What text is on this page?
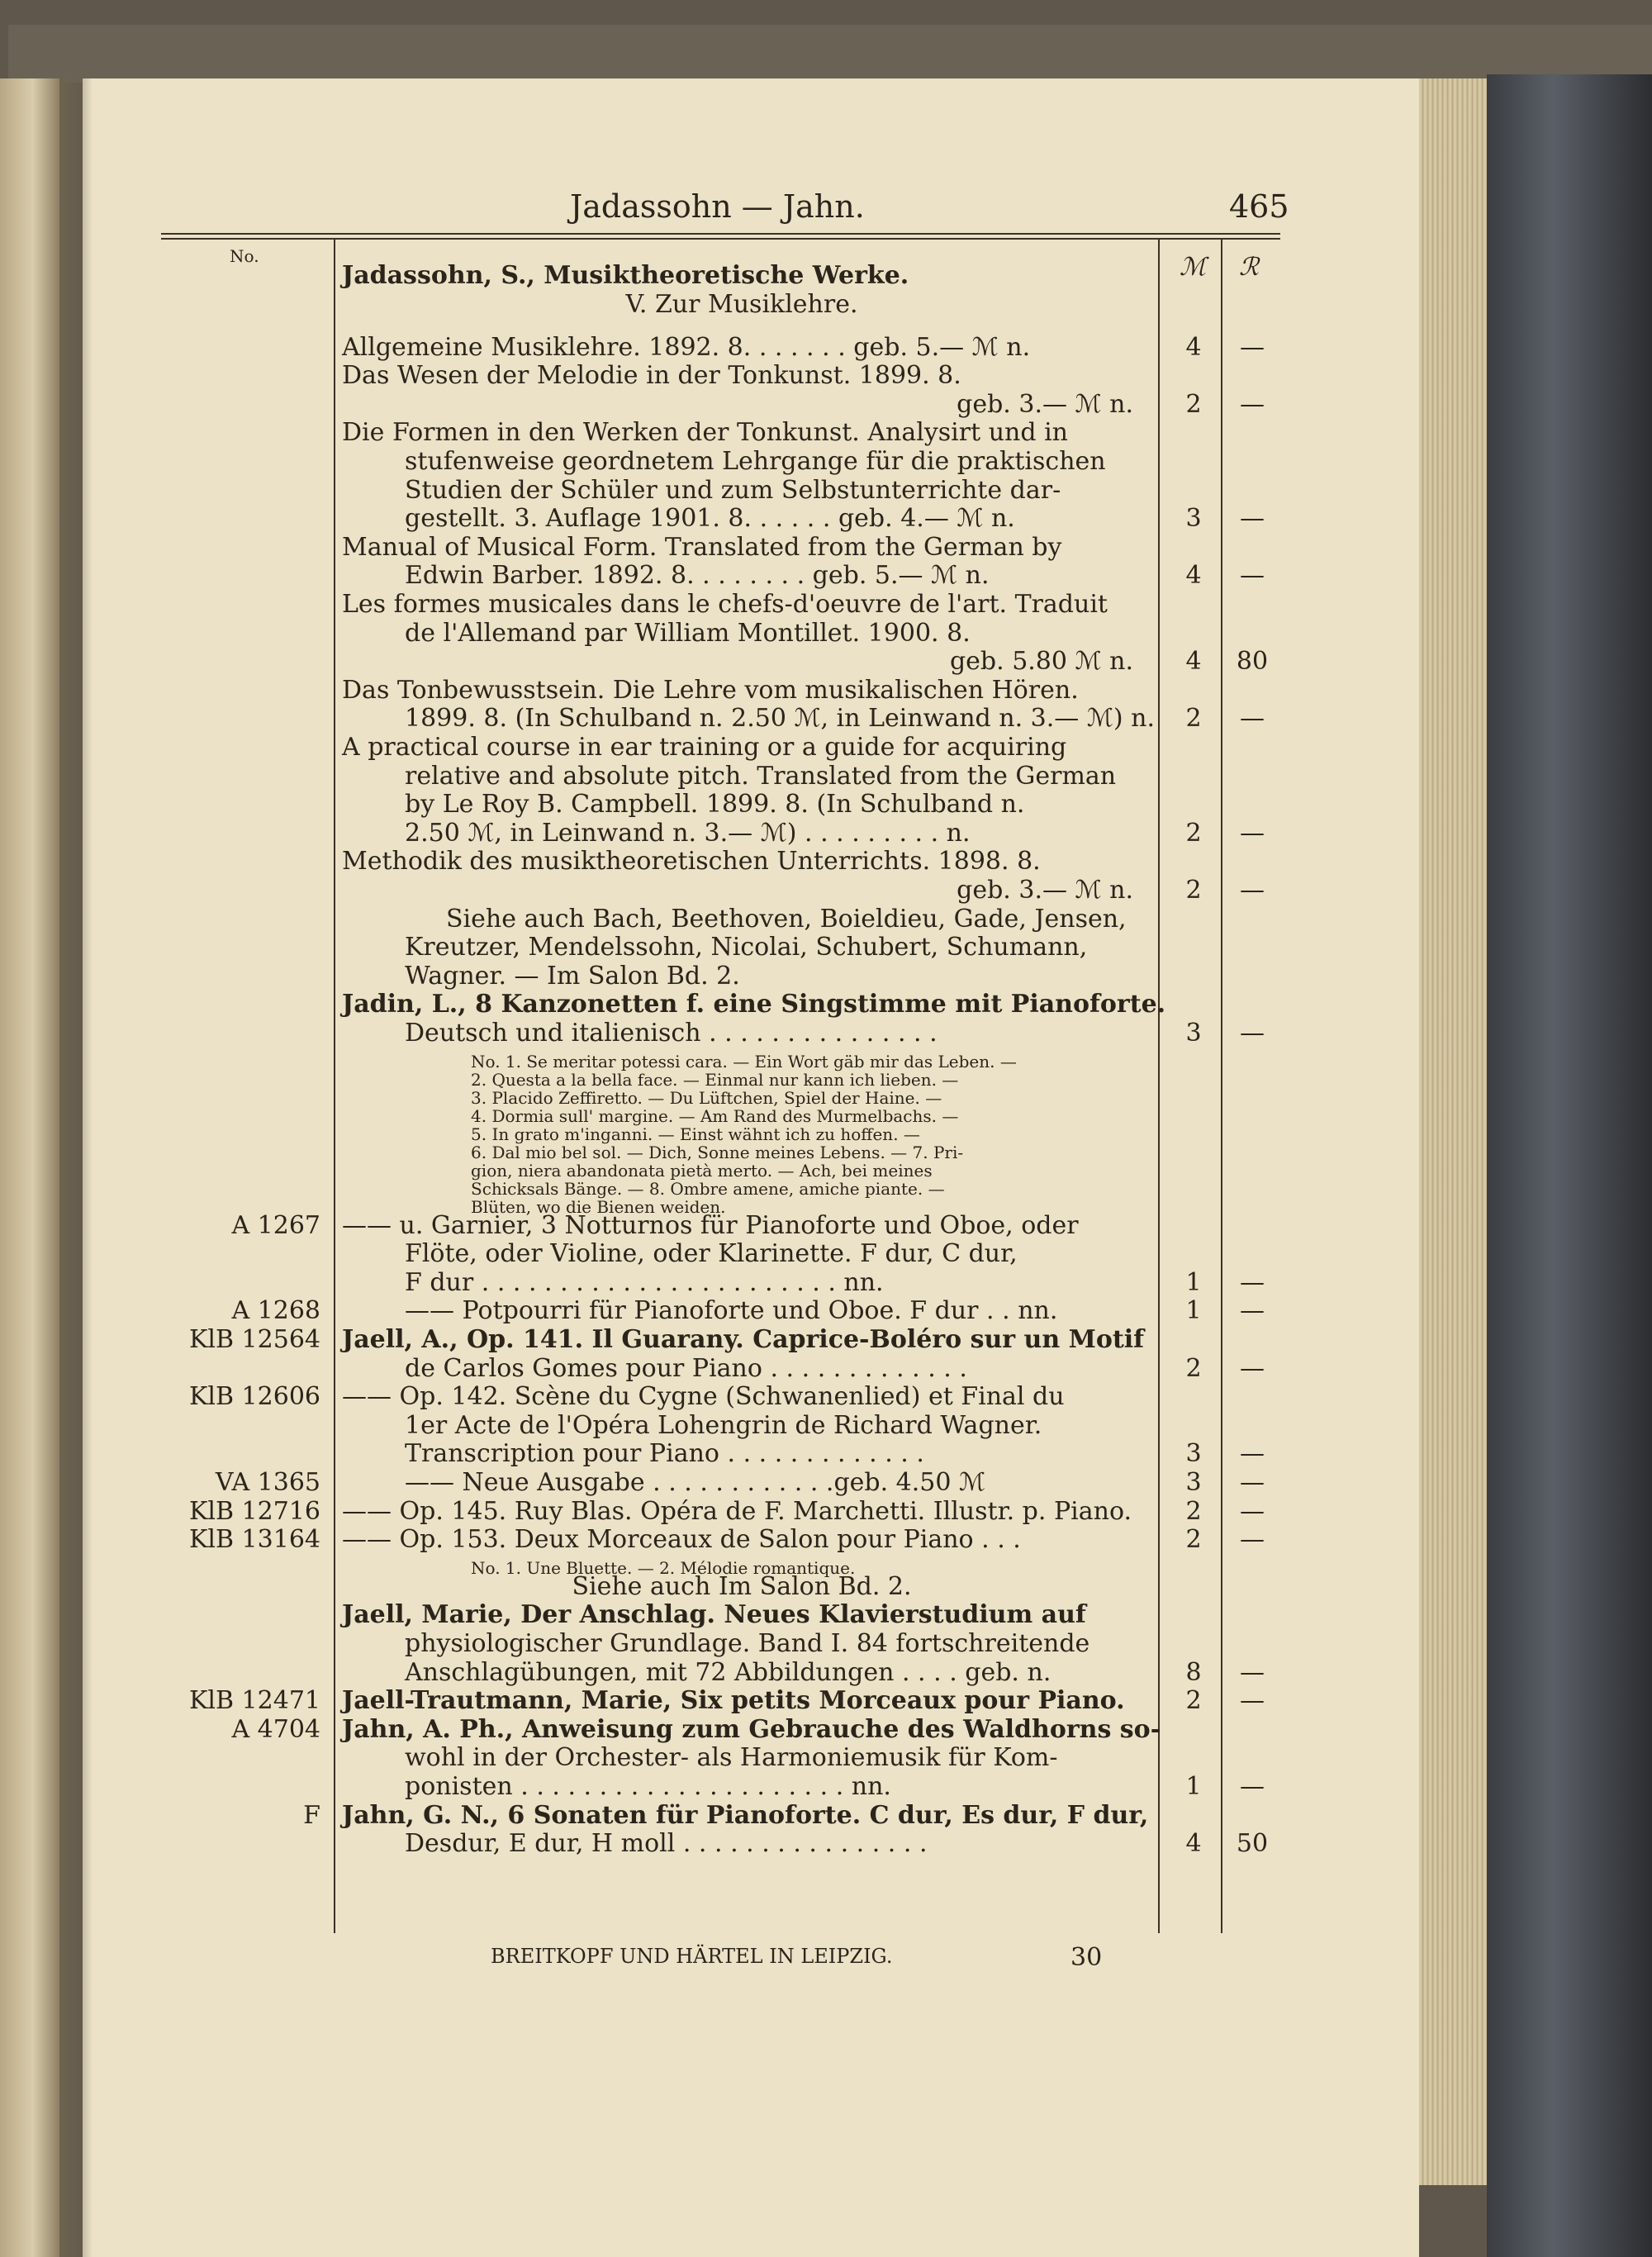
Jadassohn — Jahn.	465
No.	ℳ ℛ
Jadassohn, S., Musiktheoretische Werke.
V. Zur Musiklehre.
Allgemeine Musiklehre. 1892. 8. . . . . . . geb. 5.— ℳ n.	4	—
Das Wesen der Melodie in der Tonkunst. 1899. 8.
geb. 3.— ℳ n.	2	—
Die Formen in den Werken der Tonkunst. Analysirt und in
stufenweise geordnetem Lehrgange für die praktischen
Studien der Schüler und zum Selbstunterrichte dar-
gestellt. 3. Auflage 1901. 8. . . . . . geb. 4.— ℳ n.	3	—
Manual of Musical Form. Translated from the German by
Edwin Barber. 1892. 8. . . . . . . . geb. 5.— ℳ n.	4	—
Les formes musicales dans le chefs-d'oeuvre de l'art. Traduit
de l'Allemand par William Montillet. 1900. 8.
geb. 5.80 ℳ n.	4	80
Das Tonbewusstsein. Die Lehre vom musikalischen Hören.
1899. 8. (In Schulband n. 2.50 ℳ, in Leinwand n. 3.— ℳ) n.	2	—
A practical course in ear training or a guide for acquiring
relative and absolute pitch. Translated from the German
by Le Roy B. Campbell. 1899. 8. (In Schulband n.
2.50 ℳ, in Leinwand n. 3.— ℳ) . . . . . . . . . n.	2	—
Methodik des musiktheoretischen Unterrichts. 1898. 8.
geb. 3.— ℳ n.	2	—
Siehe auch Bach, Beethoven, Boieldieu, Gade, Jensen,
Kreutzer, Mendelssohn, Nicolai, Schubert, Schumann,
Wagner. — Im Salon Bd. 2.
Jadin, L., 8 Kanzonetten f. eine Singstimme mit Pianoforte.
Deutsch und italienisch . . . . . . . . . . . . . . .	3	—
No. 1. Se meritar potessi cara. — Ein Wort gäb mir das Leben. —
2. Questa a la bella face. — Einmal nur kann ich lieben. —
3. Placido Zeffiretto. — Du Lüftchen, Spiel der Haine. —
4. Dormia sull' margine. — Am Rand des Murmelbachs. —
5. In grato m'inganni. — Einst wähnt ich zu hoffen. —
6. Dal mio bel sol. — Dich, Sonne meines Lebens. — 7. Pri-
gion, niera abandonata pietà merto. — Ach, bei meines
Schicksals Bänge. — 8. Ombre amene, amiche piante. —
Blüten, wo die Bienen weiden.
A 1267 —— u. Garnier, 3 Notturnos für Pianoforte und Oboe, oder
Flöte, oder Violine, oder Klarinette. F dur, C dur,
F dur . . . . . . . . . . . . . . . . . . . . . . . nn.	1	—
A 1268	—— Potpourri für Pianoforte und Oboe. F dur . . nn.	1	—
KlB 12564 Jaell, A., Op. 141. Il Guarany. Caprice-Boléro sur un Motif
de Carlos Gomes pour Piano . . . . . . . . . . . . .	2	—
KlB 12606 —— Op. 142. Scène du Cygne (Schwanenlied) et Final du
1er Acte de l'Opéra Lohengrin de Richard Wagner.
Transcription pour Piano . . . . . . . . . . . . .	3	—
VA 1365	—— Neue Ausgabe . . . . . . . . . . . .geb. 4.50 ℳ	3	—
KlB 12716 —— Op. 145. Ruy Blas. Opéra de F. Marchetti. Illustr. p. Piano.	2	—
KlB 13164 —— Op. 153. Deux Morceaux de Salon pour Piano . . .	2	—
No. 1. Une Bluette. — 2. Mélodie romantique.
Siehe auch Im Salon Bd. 2.
Jaell, Marie, Der Anschlag. Neues Klavierstudium auf
physiologischer Grundlage. Band I. 84 fortschreitende
Anschlagübungen, mit 72 Abbildungen . . . . geb. n.	8	—
KlB 12471 Jaell-Trautmann, Marie, Six petits Morceaux pour Piano.	2	—
A 4704 Jahn, A. Ph., Anweisung zum Gebrauche des Waldhorns so-
wohl in der Orchester- als Harmoniemusik für Kom-
ponisten . . . . . . . . . . . . . . . . . . . . . nn.	1	—
F Jahn, G. N., 6 Sonaten für Pianoforte. C dur, Es dur, F dur,
Desdur, E dur, H moll . . . . . . . . . . . . . . . .	4	50
BREITKOPF UND HÄRTEL IN LEIPZIG.	30
